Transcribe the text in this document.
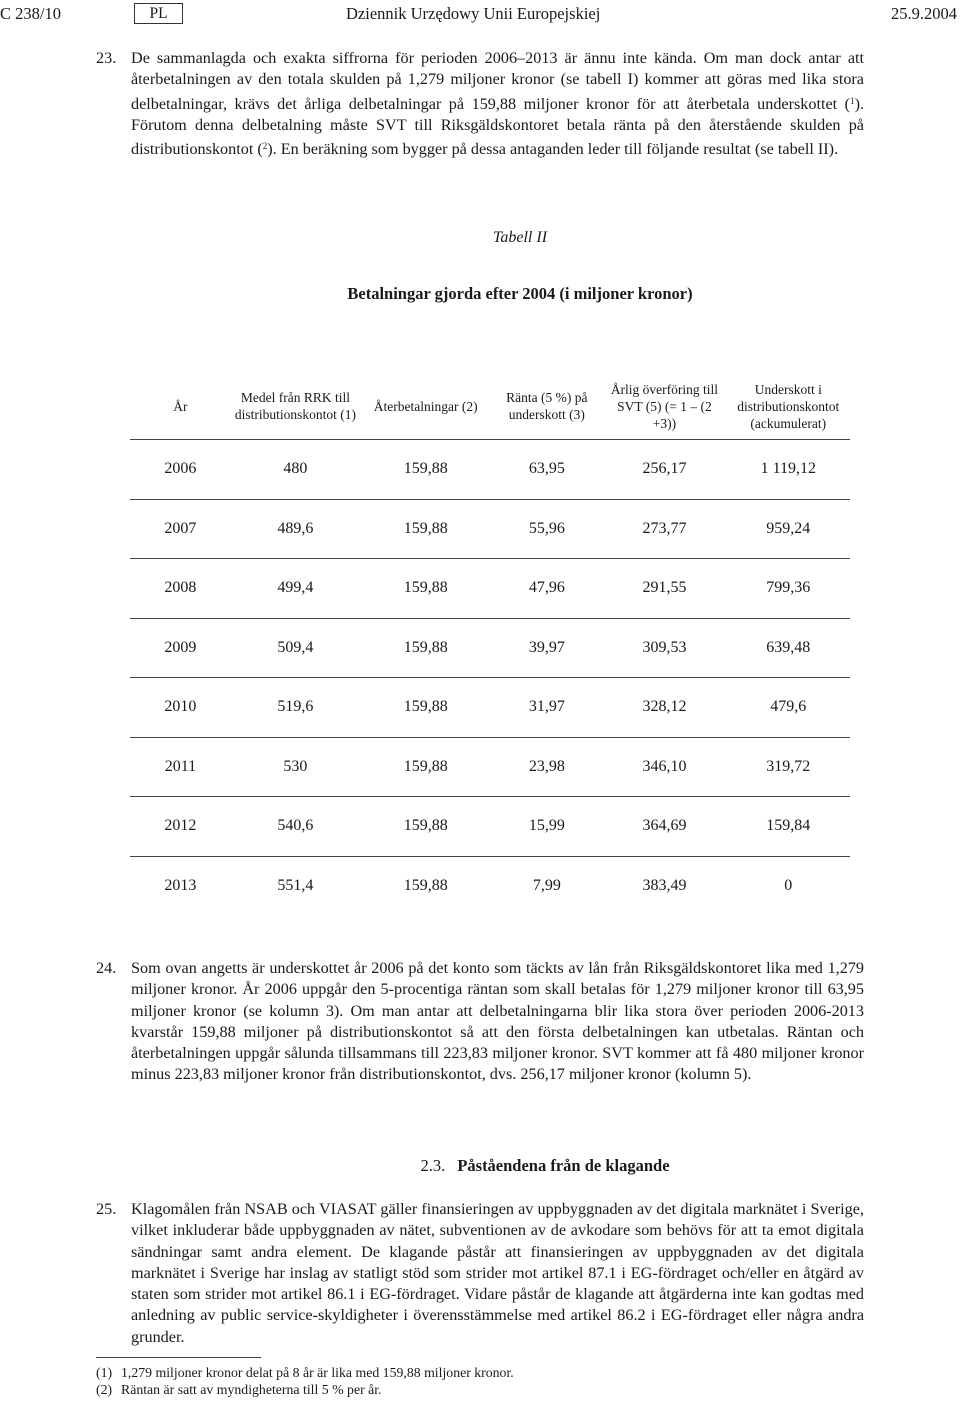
C 238/10	PL	Dziennik Urzędowy Unii Europejskiej	25.9.2004
23. De sammanlagda och exakta siffrorna för perioden 2006–2013 är ännu inte kända. Om man dock antar att återbetalningen av den totala skulden på 1,279 miljoner kronor (se tabell I) kommer att göras med lika stora delbetalningar, krävs det årliga delbetalningar på 159,88 miljoner kronor för att återbetala underskottet ($^1$). Förutom denna delbetalning måste SVT till Riksgäldskontoret betala ränta på den återstående skulden på distributionskontot ($^2$). En beräkning som bygger på dessa antaganden leder till följande resultat (se tabell II).
Tabell II
Betalningar gjorda efter 2004 (i miljoner kronor)
År	Medel från RRK till distributionskontot (1)	Återbetalningar (2)	Ränta (5 %) på underskott (3)	Årlig överföring till SVT (5) (= 1 – (2 +3))	Underskott i distributionskontot (ackumulerat)
2006	480	159,88	63,95	256,17	1 119,12
2007	489,6	159,88	55,96	273,77	959,24
2008	499,4	159,88	47,96	291,55	799,36
2009	509,4	159,88	39,97	309,53	639,48
2010	519,6	159,88	31,97	328,12	479,6
2011	530	159,88	23,98	346,10	319,72
2012	540,6	159,88	15,99	364,69	159,84
2013	551,4	159,88	7,99	383,49	0
24. Som ovan angetts är underskottet år 2006 på det konto som täckts av lån från Riksgäldskontoret lika med 1,279 miljoner kronor. År 2006 uppgår den 5-procentiga räntan som skall betalas för 1,279 miljoner kronor till 63,95 miljoner kronor (se kolumn 3). Om man antar att delbetalningarna blir lika stora över perioden 2006-2013 kvarstår 159,88 miljoner på distributionskontot så att den första delbetalningen kan utbetalas. Räntan och återbetalningen uppgår sålunda tillsammans till 223,83 miljoner kronor. SVT kommer att få 480 miljoner kronor minus 223,83 miljoner kronor från distributionskontot, dvs. 256,17 miljoner kronor (kolumn 5).
2.3. Påståendena från de klagande
25. Klagomålen från NSAB och VIASAT gäller finansieringen av uppbyggnaden av det digitala marknätet i Sverige, vilket inkluderar både uppbyggnaden av nätet, subventionen av de avkodare som behövs för att ta emot digitala sändningar samt andra element. De klagande påstår att finansieringen av uppbyggnaden av det digitala marknätet i Sverige har inslag av statligt stöd som strider mot artikel 87.1 i EG-fördraget och/eller en åtgärd av staten som strider mot artikel 86.1 i EG-fördraget. Vidare påstår de klagande att åtgärderna inte kan godtas med anledning av public service-skyldigheter i överensstämmelse med artikel 86.2 i EG-fördraget eller några andra grunder.
(1) 1,279 miljoner kronor delat på 8 år är lika med 159,88 miljoner kronor.
(2) Räntan är satt av myndigheterna till 5 % per år.
